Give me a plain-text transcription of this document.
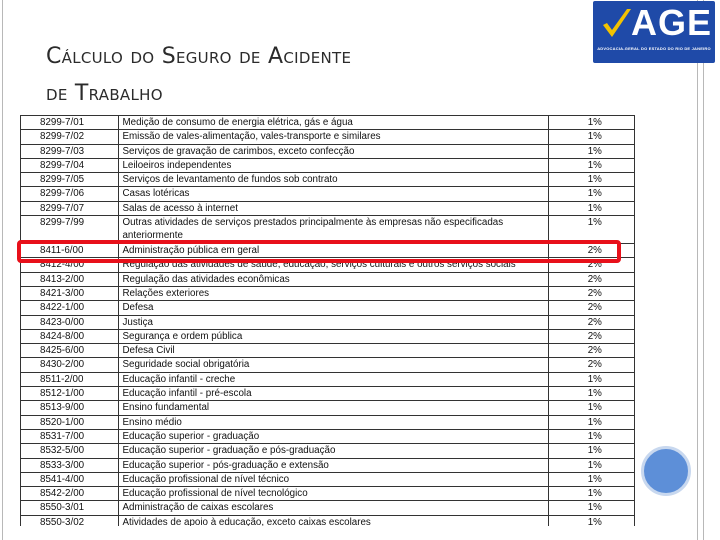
Cálculo do Seguro de Acidente
de Trabalho
AGE
ADVOCACIA-GERAL DO ESTADO DO RIO DE JANEIRO
8299-7/01	Medição de consumo de energia elétrica, gás e água	1%
8299-7/02	Emissão de vales-alimentação, vales-transporte e similares	1%
8299-7/03	Serviços de gravação de carimbos, exceto confecção	1%
8299-7/04	Leiloeiros independentes	1%
8299-7/05	Serviços de levantamento de fundos sob contrato	1%
8299-7/06	Casas lotéricas	1%
8299-7/07	Salas de acesso à internet	1%
8299-7/99	Outras atividades de serviços prestados principalmente às empresas não especificadas anteriormente	1%
8411-6/00	Administração pública em geral	2%
8412-4/00	Regulação das atividades de saúde, educação, serviços culturais e outros serviços sociais	2%
8413-2/00	Regulação das atividades econômicas	2%
8421-3/00	Relações exteriores	2%
8422-1/00	Defesa	2%
8423-0/00	Justiça	2%
8424-8/00	Segurança e ordem pública	2%
8425-6/00	Defesa Civil	2%
8430-2/00	Seguridade social obrigatória	2%
8511-2/00	Educação infantil - creche	1%
8512-1/00	Educação infantil - pré-escola	1%
8513-9/00	Ensino fundamental	1%
8520-1/00	Ensino médio	1%
8531-7/00	Educação superior - graduação	1%
8532-5/00	Educação superior - graduação e pós-graduação	1%
8533-3/00	Educação superior - pós-graduação e extensão	1%
8541-4/00	Educação profissional de nível técnico	1%
8542-2/00	Educação profissional de nível tecnológico	1%
8550-3/01	Administração de caixas escolares	1%
8550-3/02	Atividades de apoio à educação, exceto caixas escolares	1%
